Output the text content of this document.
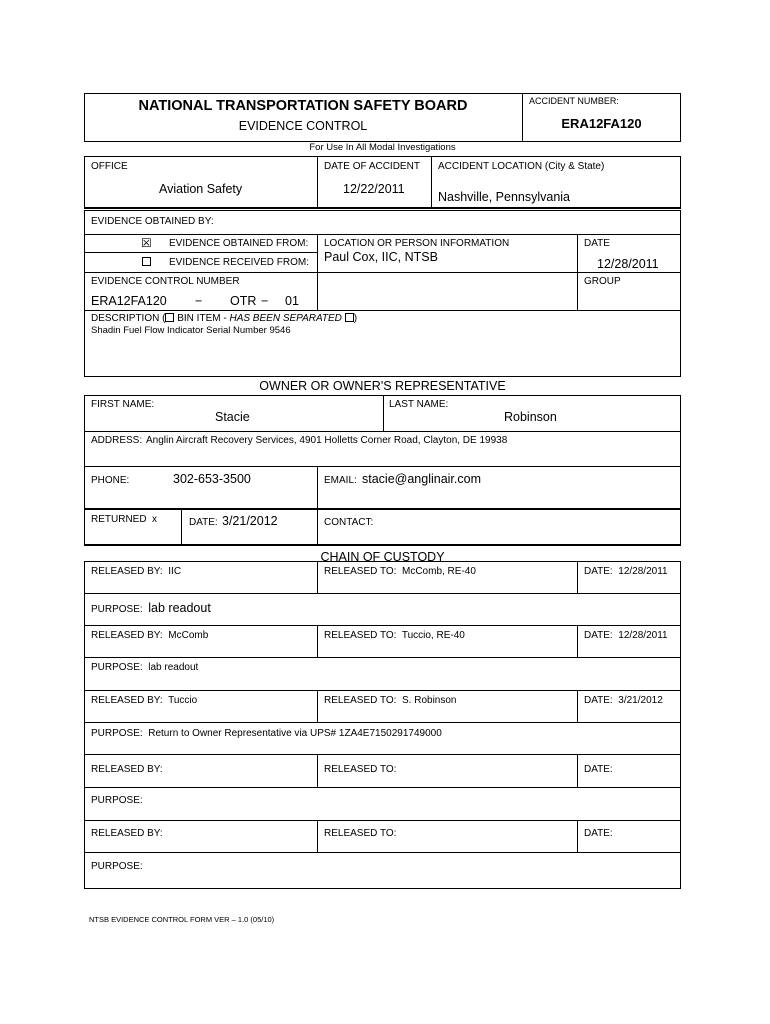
NATIONAL TRANSPORTATION SAFETY BOARD
EVIDENCE CONTROL
ACCIDENT NUMBER:
ERA12FA120
For Use In All Modal Investigations
OFFICE
Aviation Safety
DATE OF ACCIDENT
12/22/2011
ACCIDENT LOCATION (City & State)
Nashville, Pennsylvania
EVIDENCE OBTAINED BY:
☒ EVIDENCE OBTAINED FROM:
EVIDENCE RECEIVED FROM:
LOCATION OR PERSON INFORMATION
Paul Cox, IIC, NTSB
DATE
12/28/2011
GROUP
EVIDENCE CONTROL NUMBER
ERA12FA120 − OTR − 01
DESCRIPTION ( BIN ITEM - HAS BEEN SEPARATED )
Shadin Fuel Flow Indicator Serial Number 9546
OWNER OR OWNER'S REPRESENTATIVE
FIRST NAME:
Stacie
LAST NAME:
Robinson
ADDRESS: Anglin Aircraft Recovery Services, 4901 Holletts Corner Road, Clayton, DE 19938
PHONE:	302-653-3500	EMAIL: stacie@anglinair.com
RETURNED x	DATE: 3/21/2012	CONTACT:
CHAIN OF CUSTODY
RELEASED BY: IIC	RELEASED TO: McComb, RE-40	DATE: 12/28/2011
PURPOSE: lab readout
RELEASED BY: McComb	RELEASED TO: Tuccio, RE-40	DATE: 12/28/2011
PURPOSE: lab readout
RELEASED BY: Tuccio	RELEASED TO: S. Robinson	DATE: 3/21/2012
PURPOSE: Return to Owner Representative via UPS# 1ZA4E7150291749000
RELEASED BY:	RELEASED TO:	DATE:
PURPOSE:
RELEASED BY:	RELEASED TO:	DATE:
PURPOSE:
NTSB EVIDENCE CONTROL FORM VER – 1.0 (05/10)
